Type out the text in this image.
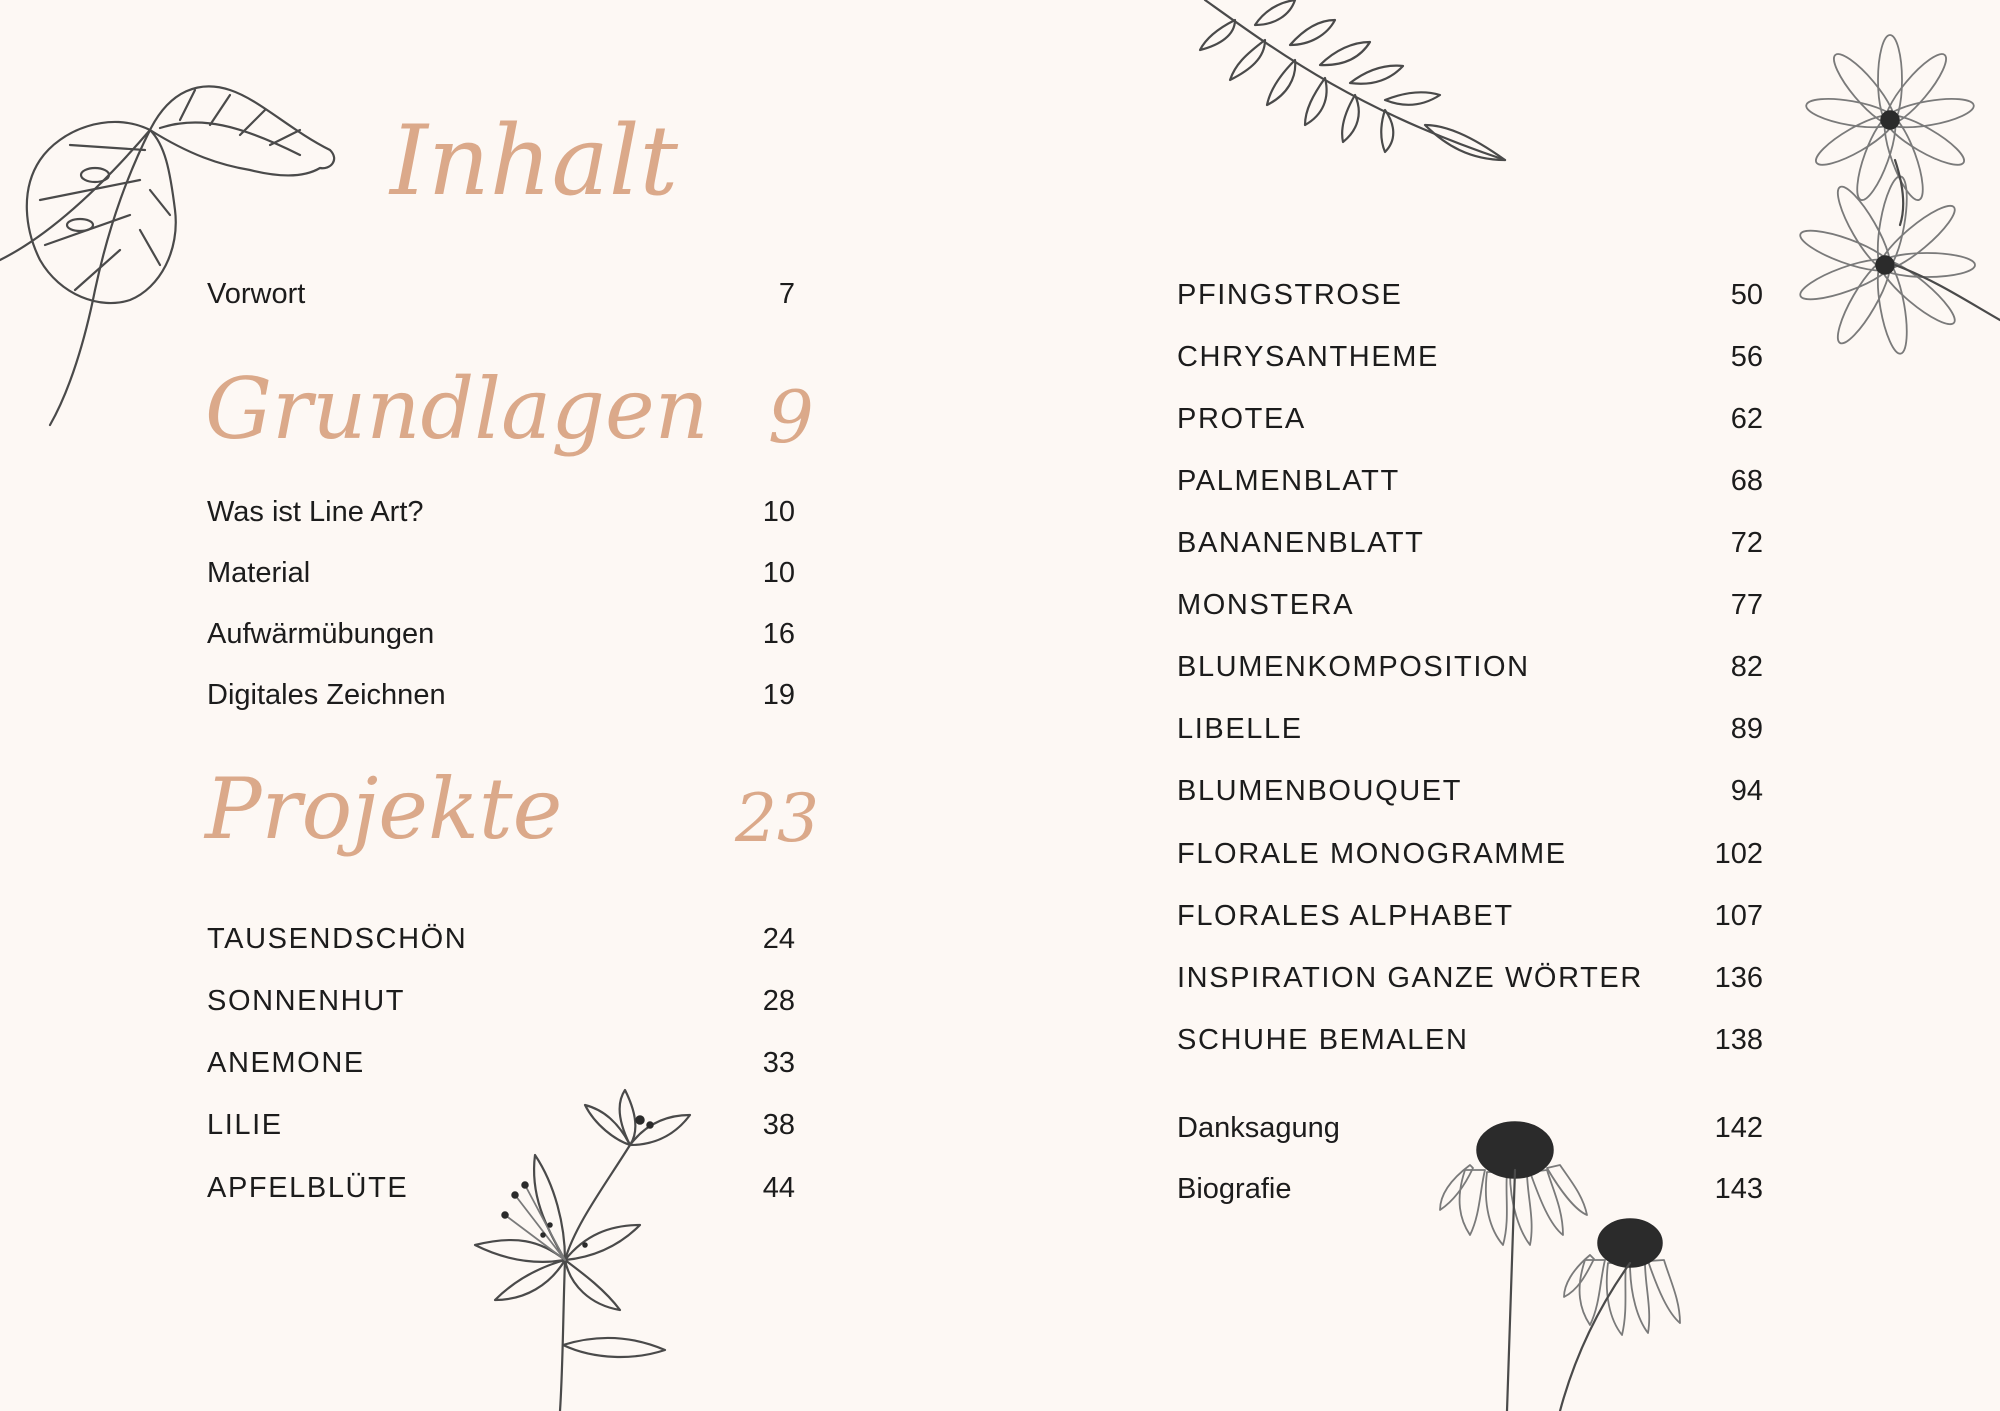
Inhalt
Vorwort	7
Grundlagen 9
Was ist Line Art?	10
Material	10
Aufwärmübungen	16
Digitales Zeichnen	19
Projekte	23
TAUSENDSCHÖN	24
SONNENHUT	28
ANEMONE	33
LILIE	38
APFELBLÜTE	44
PFINGSTROSE	50
CHRYSANTHEME	56
PROTEA	62
PALMENBLATT	68
BANANENBLATT	72
MONSTERA	77
BLUMENKOMPOSITION	82
LIBELLE	89
BLUMENBOUQUET	94
FLORALE MONOGRAMME	102
FLORALES ALPHABET	107
INSPIRATION GANZE WÖRTER 136
SCHUHE BEMALEN	138
Danksagung	142
Biografie	143
